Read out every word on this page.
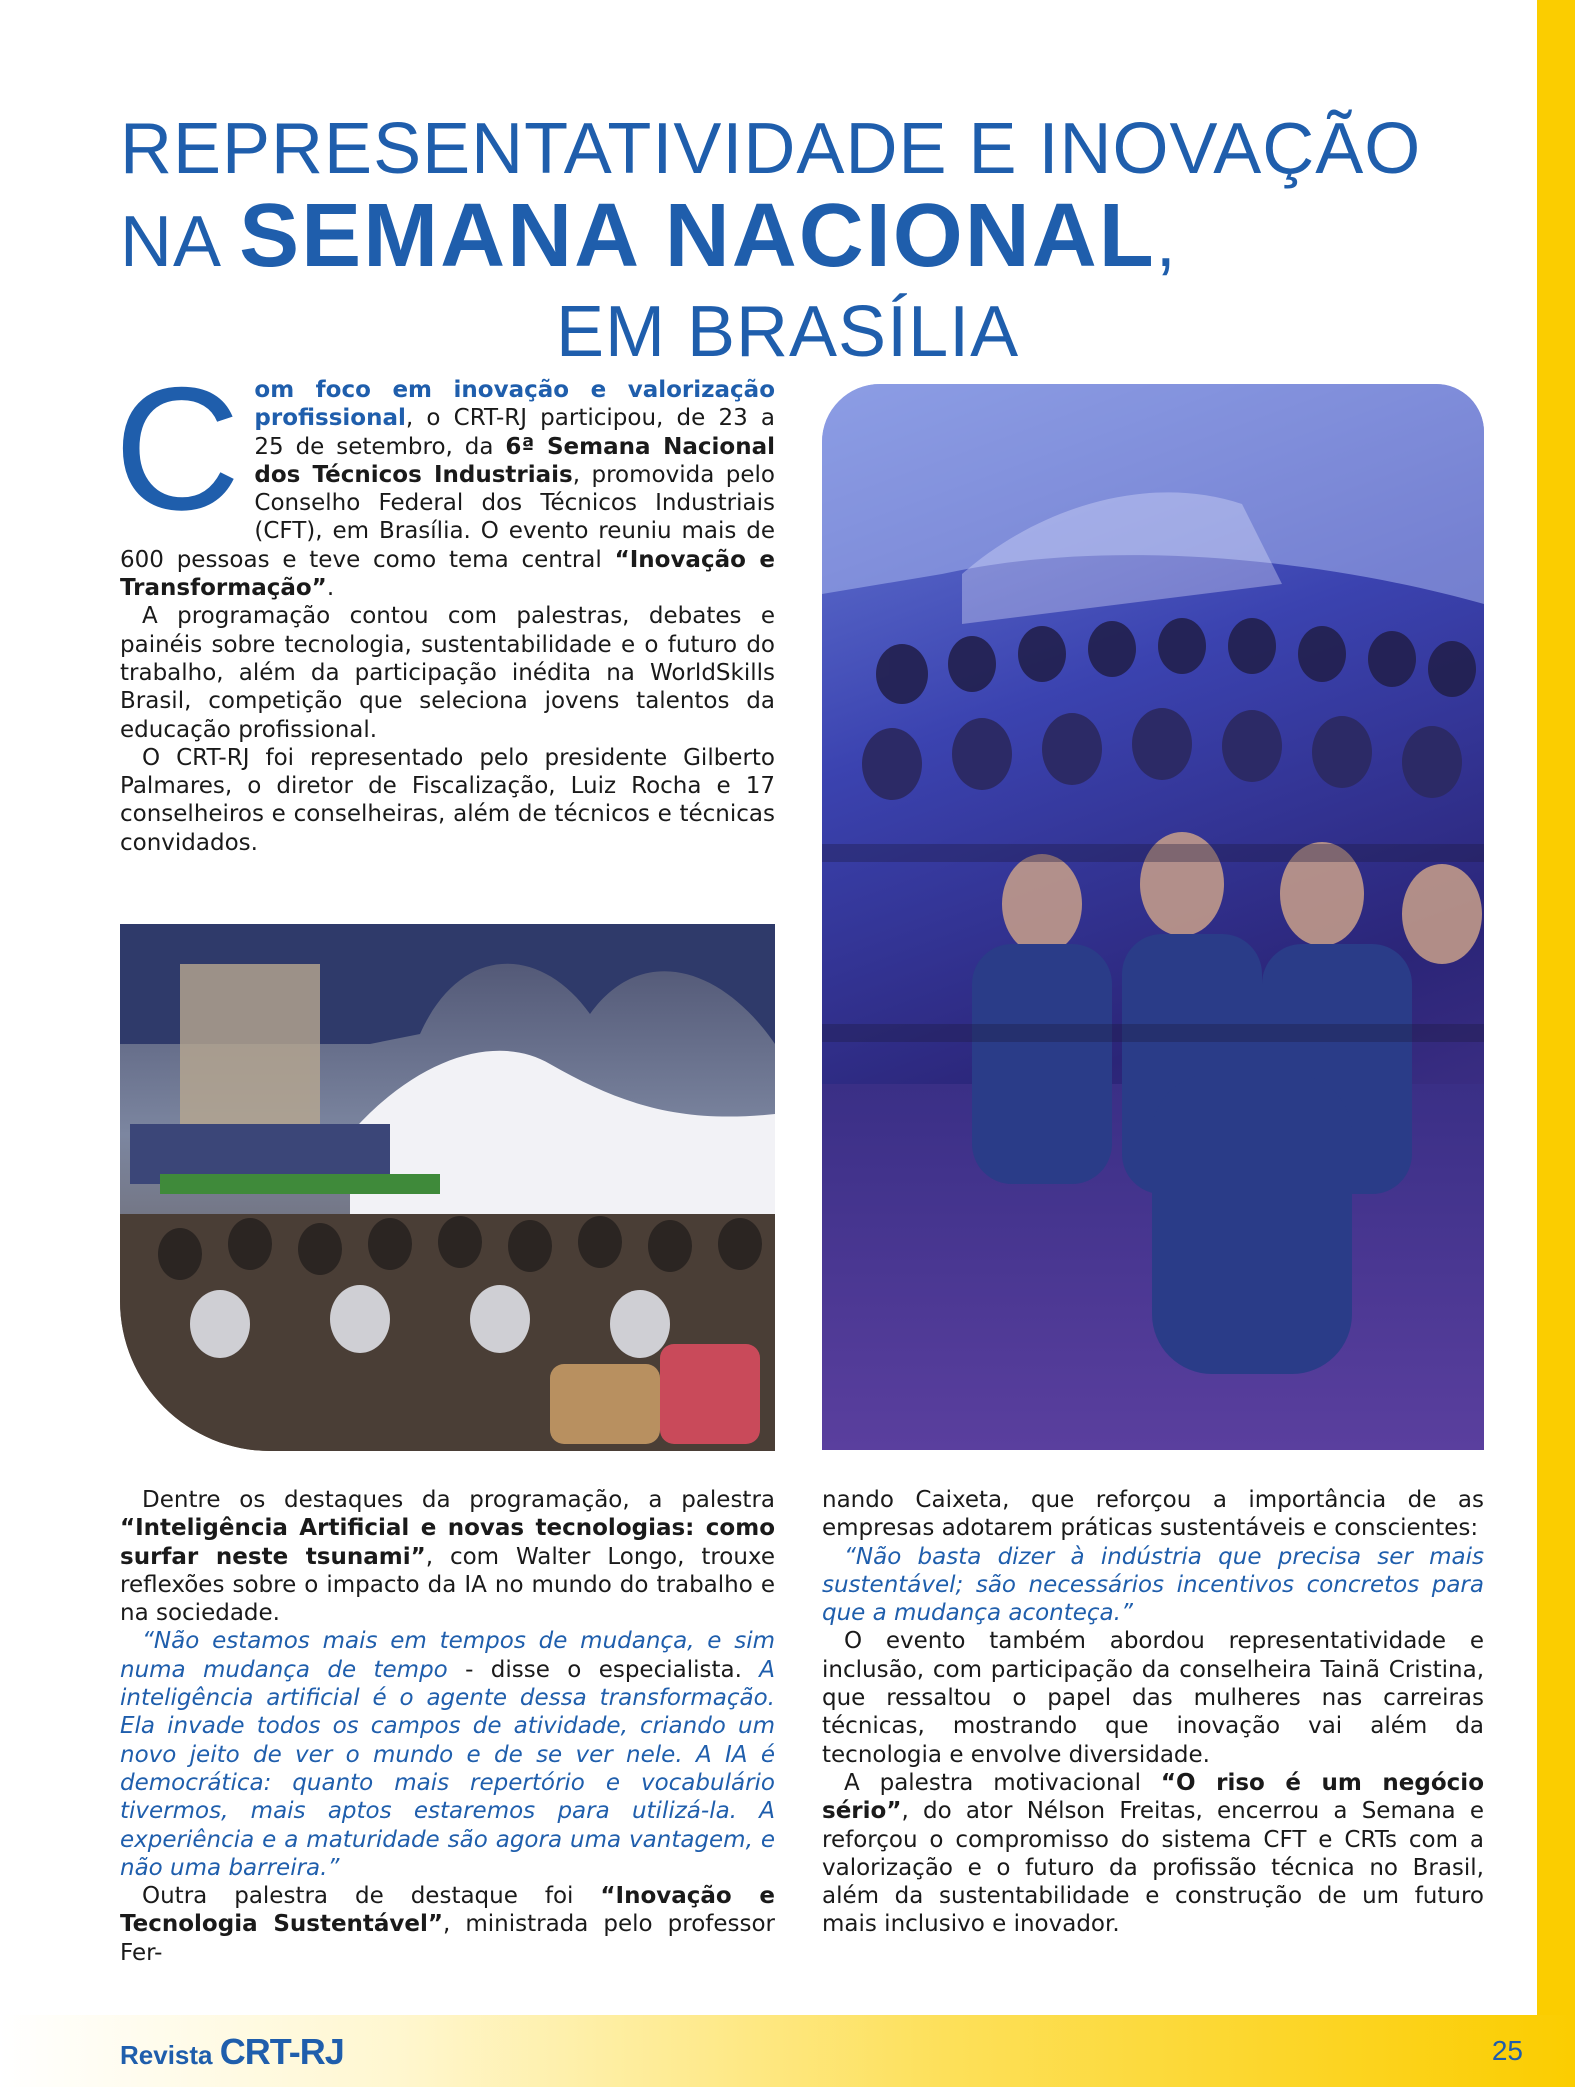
REPRESENTATIVIDADE E INOVAÇÃO
NA SEMANA NACIONAL,
EM BRASÍLIA

Com foco em inovação e valorização profissional, o CRT-RJ participou, de 23 a 25 de setembro, da 6ª Semana Nacional dos Técnicos Industriais, promovida pelo Conselho Federal dos Técnicos Industriais (CFT), em Brasília. O evento reuniu mais de 600 pessoas e teve como tema central “Inovação e Transformação”.

A programação contou com palestras, debates e painéis sobre tecnologia, sustentabilidade e o futuro do trabalho, além da participação inédita na WorldSkills Brasil, competição que seleciona jovens talentos da educação profissional.

O CRT-RJ foi representado pelo presidente Gilberto Palmares, o diretor de Fiscalização, Luiz Rocha e 17 conselheiros e conselheiras, além de técnicos e técnicas convidados.

Dentre os destaques da programação, a palestra “Inteligência Artificial e novas tecnologias: como surfar neste tsunami”, com Walter Longo, trouxe reflexões sobre o impacto da IA no mundo do trabalho e na sociedade.

“Não estamos mais em tempos de mudança, e sim numa mudança de tempo - disse o especialista. A inteligência artificial é o agente dessa transformação. Ela invade todos os campos de atividade, criando um novo jeito de ver o mundo e de se ver nele. A IA é democrática: quanto mais repertório e vocabulário tivermos, mais aptos estaremos para utilizá-la. A experiência e a maturidade são agora uma vantagem, e não uma barreira.”

Outra palestra de destaque foi “Inovação e Tecnologia Sustentável”, ministrada pelo professor Fer-

nando Caixeta, que reforçou a importância de as empresas adotarem práticas sustentáveis e conscientes:

“Não basta dizer à indústria que precisa ser mais sustentável; são necessários incentivos concretos para que a mudança aconteça.”

O evento também abordou representatividade e inclusão, com participação da conselheira Tainã Cristina, que ressaltou o papel das mulheres nas carreiras técnicas, mostrando que inovação vai além da tecnologia e envolve diversidade.

A palestra motivacional “O riso é um negócio sério”, do ator Nélson Freitas, encerrou a Semana e reforçou o compromisso do sistema CFT e CRTs com a valorização e o futuro da profissão técnica no Brasil, além da sustentabilidade e construção de um futuro mais inclusivo e inovador.

Revista CRT-RJ	25
